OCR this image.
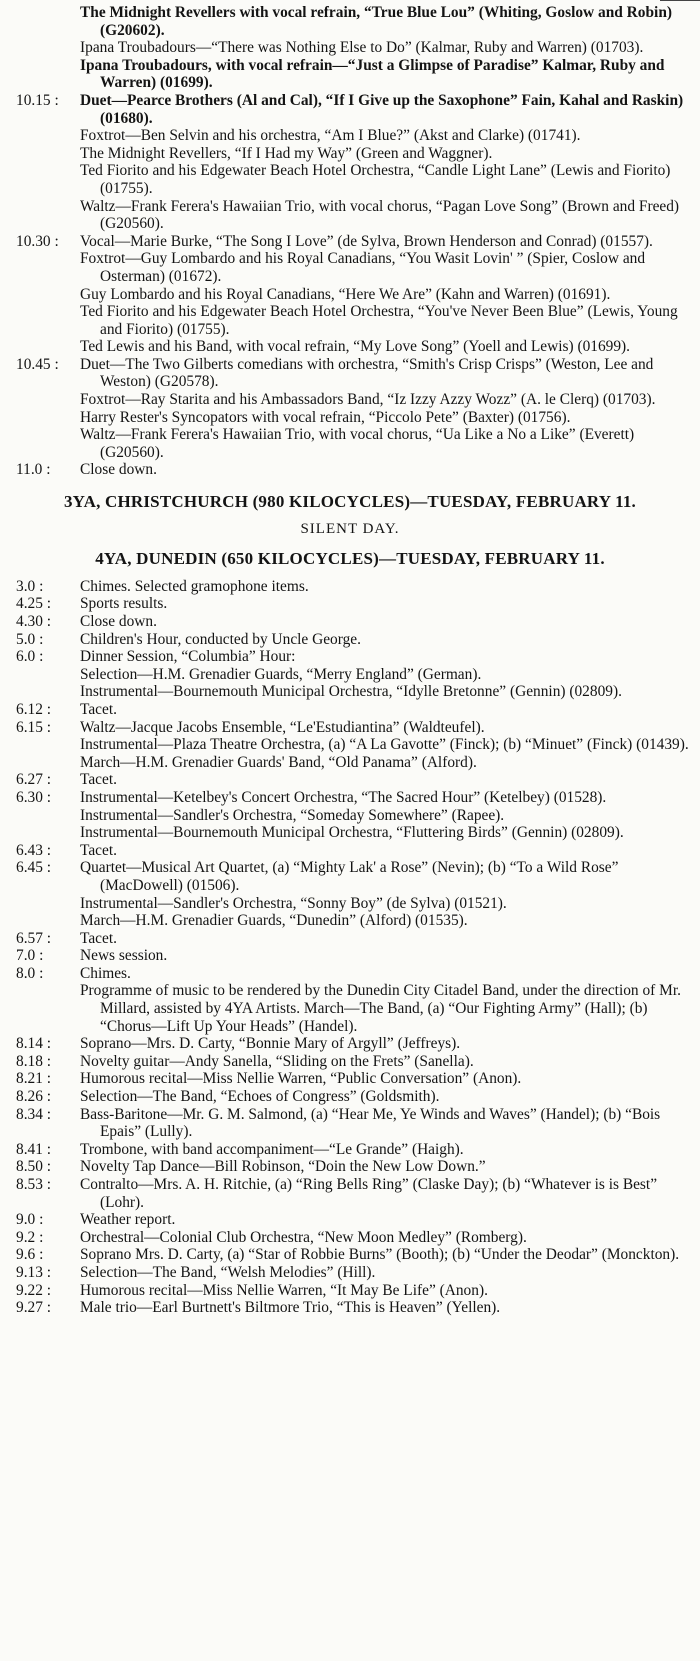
The Midnight Revellers with vocal refrain, “True Blue Lou” (Whiting, Goslow and Robin) (G20602).
Ipana Troubadours—“There was Nothing Else to Do” (Kalmar, Ruby and Warren) (01703).
Ipana Troubadours, with vocal refrain—“Just a Glimpse of Paradise” Kalmar, Ruby and Warren) (01699).
10.15 :	Duet—Pearce Brothers (Al and Cal), “If I Give up the Saxophone” Fain, Kahal and Raskin) (01680).
Foxtrot—Ben Selvin and his orchestra, “Am I Blue?” (Akst and Clarke) (01741).
The Midnight Revellers, “If I Had my Way” (Green and Waggner).
Ted Fiorito and his Edgewater Beach Hotel Orchestra, “Candle Light Lane” (Lewis and Fiorito) (01755).
Waltz—Frank Ferera's Hawaiian Trio, with vocal chorus, “Pagan Love Song” (Brown and Freed) (G20560).
10.30 :	Vocal—Marie Burke, “The Song I Love” (de Sylva, Brown Henderson and Conrad) (01557).
Foxtrot—Guy Lombardo and his Royal Canadians, “You Wasit Lovin' ” (Spier, Coslow and Osterman) (01672).
Guy Lombardo and his Royal Canadians, “Here We Are” (Kahn and Warren) (01691).
Ted Fiorito and his Edgewater Beach Hotel Orchestra, “You've Never Been Blue” (Lewis, Young and Fiorito) (01755).
Ted Lewis and his Band, with vocal refrain, “My Love Song” (Yoell and Lewis) (01699).
10.45 :	Duet—The Two Gilberts comedians with orchestra, “Smith's Crisp Crisps” (Weston, Lee and Weston) (G20578).
Foxtrot—Ray Starita and his Ambassadors Band, “Iz Izzy Azzy Wozz” (A. le Clerq) (01703).
Harry Rester's Syncopators with vocal refrain, “Piccolo Pete” (Baxter) (01756).
Waltz—Frank Ferera's Hawaiian Trio, with vocal chorus, “Ua Like a No a Like” (Everett) (G20560).
11.0 :	Close down.
3YA, CHRISTCHURCH (980 KILOCYCLES)—TUESDAY, FEBRUARY 11.
SILENT DAY.
4YA, DUNEDIN (650 KILOCYCLES)—TUESDAY, FEBRUARY 11.
3.0 :	Chimes. Selected gramophone items.
4.25 :	Sports results.
4.30 :	Close down.
5.0 :	Children's Hour, conducted by Uncle George.
6.0 :	Dinner Session, “Columbia” Hour:
Selection—H.M. Grenadier Guards, “Merry England” (German).
Instrumental—Bournemouth Municipal Orchestra, “Idylle Bretonne” (Gennin) (02809).
6.12 :	Tacet.
6.15 :	Waltz—Jacque Jacobs Ensemble, “Le'Estudiantina” (Waldteufel).
Instrumental—Plaza Theatre Orchestra, (a) “A La Gavotte” (Finck); (b) “Minuet” (Finck) (01439).
March—H.M. Grenadier Guards' Band, “Old Panama” (Alford).
6.27 :	Tacet.
6.30 :	Instrumental—Ketelbey's Concert Orchestra, “The Sacred Hour” (Ketelbey) (01528).
Instrumental—Sandler's Orchestra, “Someday Somewhere” (Rapee).
Instrumental—Bournemouth Municipal Orchestra, “Fluttering Birds” (Gennin) (02809).
6.43 :	Tacet.
6.45 :	Quartet—Musical Art Quartet, (a) “Mighty Lak' a Rose” (Nevin); (b) “To a Wild Rose” (MacDowell) (01506).
Instrumental—Sandler's Orchestra, “Sonny Boy” (de Sylva) (01521).
March—H.M. Grenadier Guards, “Dunedin” (Alford) (01535).
6.57 :	Tacet.
7.0 :	News session.
8.0 :	Chimes.
Programme of music to be rendered by the Dunedin City Citadel Band, under the direction of Mr. Millard, assisted by 4YA Artists. March—The Band, (a) “Our Fighting Army” (Hall); (b) “Chorus—Lift Up Your Heads” (Handel).
8.14 :	Soprano—Mrs. D. Carty, “Bonnie Mary of Argyll” (Jeffreys).
8.18 :	Novelty guitar—Andy Sanella, “Sliding on the Frets” (Sanella).
8.21 :	Humorous recital—Miss Nellie Warren, “Public Conversation” (Anon).
8.26 :	Selection—The Band, “Echoes of Congress” (Goldsmith).
8.34 :	Bass-Baritone—Mr. G. M. Salmond, (a) “Hear Me, Ye Winds and Waves” (Handel); (b) “Bois Epais” (Lully).
8.41 :	Trombone, with band accompaniment—“Le Grande” (Haigh).
8.50 :	Novelty Tap Dance—Bill Robinson, “Doin the New Low Down.”
8.53 :	Contralto—Mrs. A. H. Ritchie, (a) “Ring Bells Ring” (Claske Day); (b) “Whatever is is Best” (Lohr).
9.0 :	Weather report.
9.2 :	Orchestral—Colonial Club Orchestra, “New Moon Medley” (Romberg).
9.6 :	Soprano Mrs. D. Carty, (a) “Star of Robbie Burns” (Booth); (b) “Under the Deodar” (Monckton).
9.13 :	Selection—The Band, “Welsh Melodies” (Hill).
9.22 :	Humorous recital—Miss Nellie Warren, “It May Be Life” (Anon).
9.27 :	Male trio—Earl Burtnett's Biltmore Trio, “This is Heaven” (Yellen).
